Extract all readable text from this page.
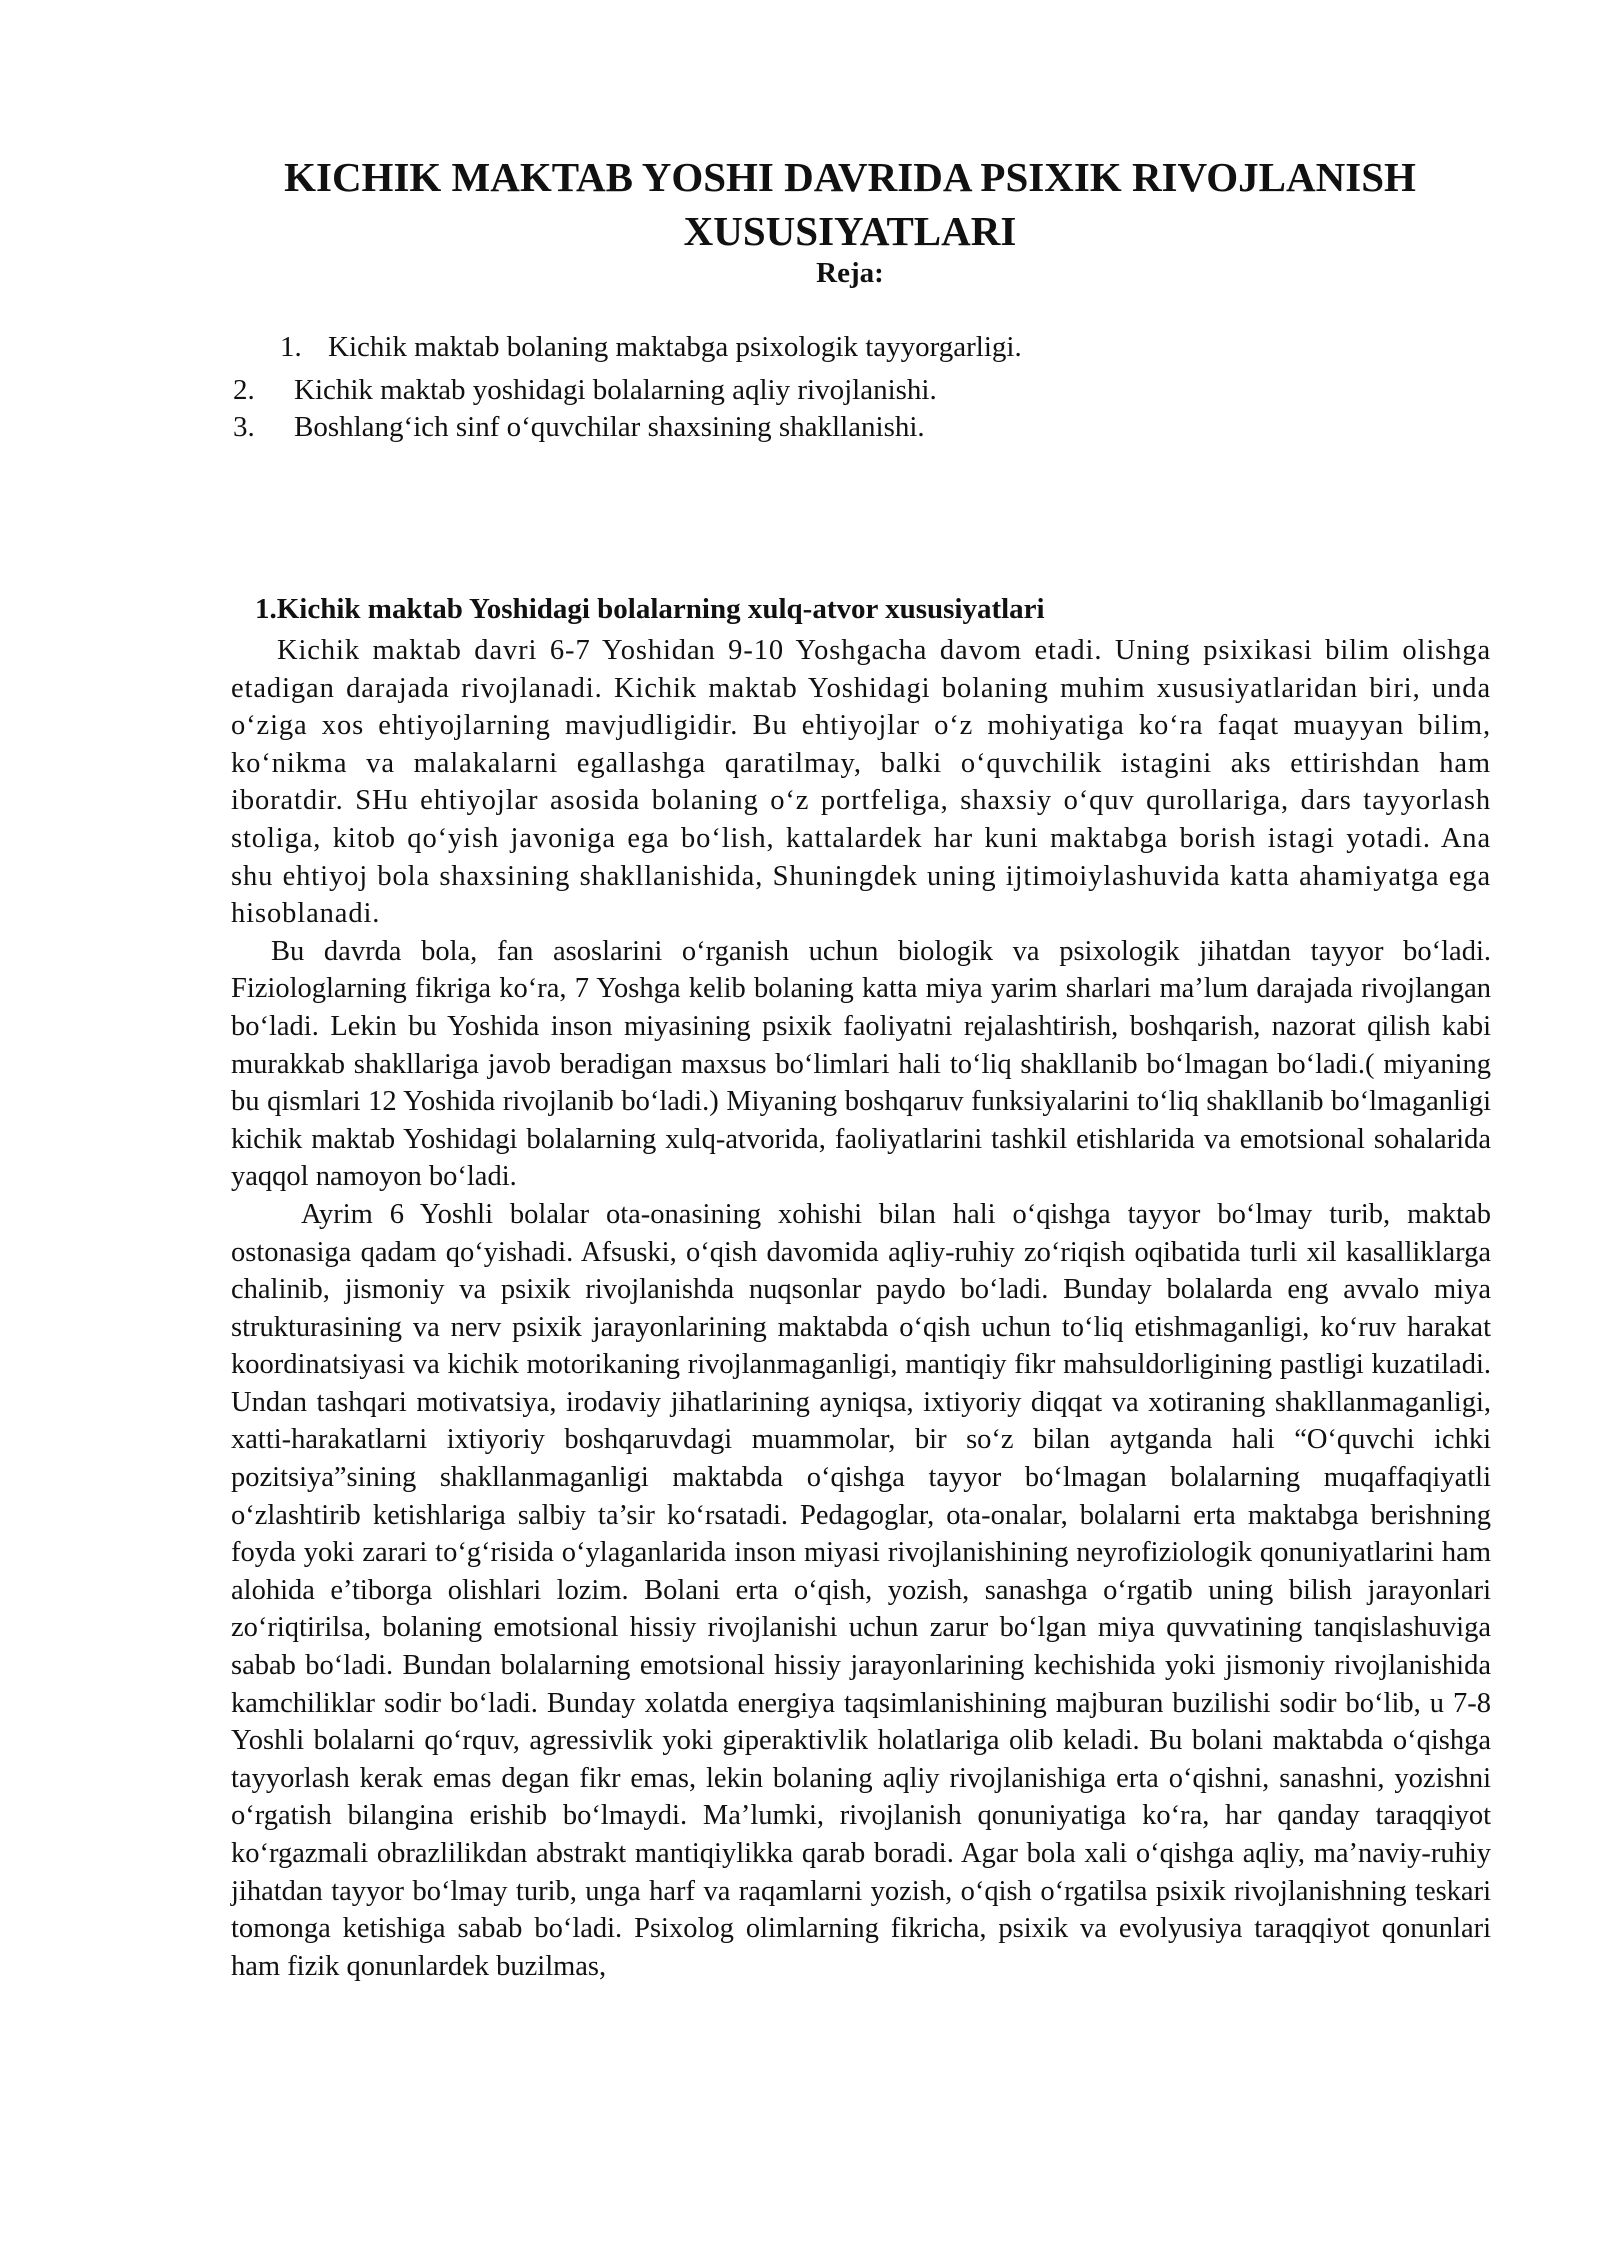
KICHIK MAKTAB YOSHI DAVRIDA PSIXIK RIVOJLANISH XUSUSIYATLARI
Reja:
1. Kichik maktab bolaning maktabga psixologik tayyorgarligi.
2. Kichik maktab yoshidagi bolalarning aqliy rivojlanishi.
3. Boshlang‘ich sinf o‘quvchilar shaxsining shakllanishi.
1.Kichik maktab Yoshidagi bolalarning xulq-atvor xususiyatlari

Kichik maktab davri 6-7 Yoshidan 9-10 Yoshgacha davom etadi. Uning psixikasi bilim olishga etadigan darajada rivojlanadi. Kichik maktab Yoshidagi bolaning muhim xususiyatlaridan biri, unda o‘ziga xos ehtiyojlarning mavjudligidir. Bu ehtiyojlar o‘z mohiyatiga ko‘ra faqat muayyan bilim, ko‘nikma va malakalarni egallashga qaratilmay, balki o‘quvchilik istagini aks ettirishdan ham iboratdir. SHu ehtiyojlar asosida bolaning o‘z portfeliga, shaxsiy o‘quv qurollariga, dars tayyorlash stoliga, kitob qo‘yish javoniga ega bo‘lish, kattalardek har kuni maktabga borish istagi yotadi. Ana shu ehtiyoj bola shaxsining shakllanishida, Shuningdek uning ijtimoiylashuvida katta ahamiyatga ega hisoblanadi.

Bu davrda bola, fan asoslarini o‘rganish uchun biologik va psixologik jihatdan tayyor bo‘ladi. Fiziologlarning fikriga ko‘ra, 7 Yoshga kelib bolaning katta miya yarim sharlari ma’lum darajada rivojlangan bo‘ladi. Lekin bu Yoshida inson miyasining psixik faoliyatni rejalashtirish, boshqarish, nazorat qilish kabi murakkab shakllariga javob beradigan maxsus bo‘limlari hali to‘liq shakllanib bo‘lmagan bo‘ladi.( miyaning bu qismlari 12 Yoshida rivojlanib bo‘ladi.) Miyaning boshqaruv funksiyalarini to‘liq shakllanib bo‘lmaganligi kichik maktab Yoshidagi bolalarning xulq-atvorida, faoliyatlarini tashkil etishlarida va emotsional sohalarida yaqqol namoyon bo‘ladi.

Ayrim 6 Yoshli bolalar ota-onasining xohishi bilan hali o‘qishga tayyor bo‘lmay turib, maktab ostonasiga qadam qo‘yishadi. Afsuski, o‘qish davomida aqliy-ruhiy zo‘riqish oqibatida turli xil kasalliklarga chalinib, jismoniy va psixik rivojlanishda nuqsonlar paydo bo‘ladi. Bunday bolalarda eng avvalo miya strukturasining va nerv psixik jarayonlarining maktabda o‘qish uchun to‘liq etishmaganligi, ko‘ruv harakat koordinatsiyasi va kichik motorikaning rivojlanmaganligi, mantiqiy fikr mahsuldorligining pastligi kuzatiladi. Undan tashqari motivatsiya, irodaviy jihatlarining ayniqsa, ixtiyoriy diqqat va xotiraning shakllanmaganligi, xatti-harakatlarni ixtiyoriy boshqaruvdagi muammolar, bir so‘z bilan aytganda hali “O‘quvchi ichki pozitsiya”sining shakllanmaganligi maktabda o‘qishga tayyor bo‘lmagan bolalarning muqaffaqiyatli o‘zlashtirib ketishlariga salbiy ta’sir ko‘rsatadi. Pedagoglar, ota-onalar, bolalarni erta maktabga berishning foyda yoki zarari to‘g‘risida o‘ylaganlarida inson miyasi rivojlanishining neyrofiziologik qonuniyatlarini ham alohida e’tiborga olishlari lozim. Bolani erta o‘qish, yozish, sanashga o‘rgatib uning bilish jarayonlari zo‘riqtirilsa, bolaning emotsional hissiy rivojlanishi uchun zarur bo‘lgan miya quvvatining tanqislashuviga sabab bo‘ladi. Bundan bolalarning emotsional hissiy jarayonlarining kechishida yoki jismoniy rivojlanishida kamchiliklar sodir bo‘ladi. Bunday xolatda energiya taqsimlanishining majburan buzilishi sodir bo‘lib, u 7-8 Yoshli bolalarni qo‘rquv, agressivlik yoki giperaktivlik holatlariga olib keladi. Bu bolani maktabda o‘qishga tayyorlash kerak emas degan fikr emas, lekin bolaning aqliy rivojlanishiga erta o‘qishni, sanashni, yozishni o‘rgatish bilangina erishib bo‘lmaydi. Ma’lumki, rivojlanish qonuniyatiga ko‘ra, har qanday taraqqiyot ko‘rgazmali obrazlilikdan abstrakt mantiqiylikka qarab boradi. Agar bola xali o‘qishga aqliy, ma’naviy-ruhiy jihatdan tayyor bo‘lmay turib, unga harf va raqamlarni yozish, o‘qish o‘rgatilsa psixik rivojlanishning teskari tomonga ketishiga sabab bo‘ladi. Psixolog olimlarning fikricha, psixik va evolyusiya taraqqiyot qonunlari ham fizik qonunlardek buzilmas,
